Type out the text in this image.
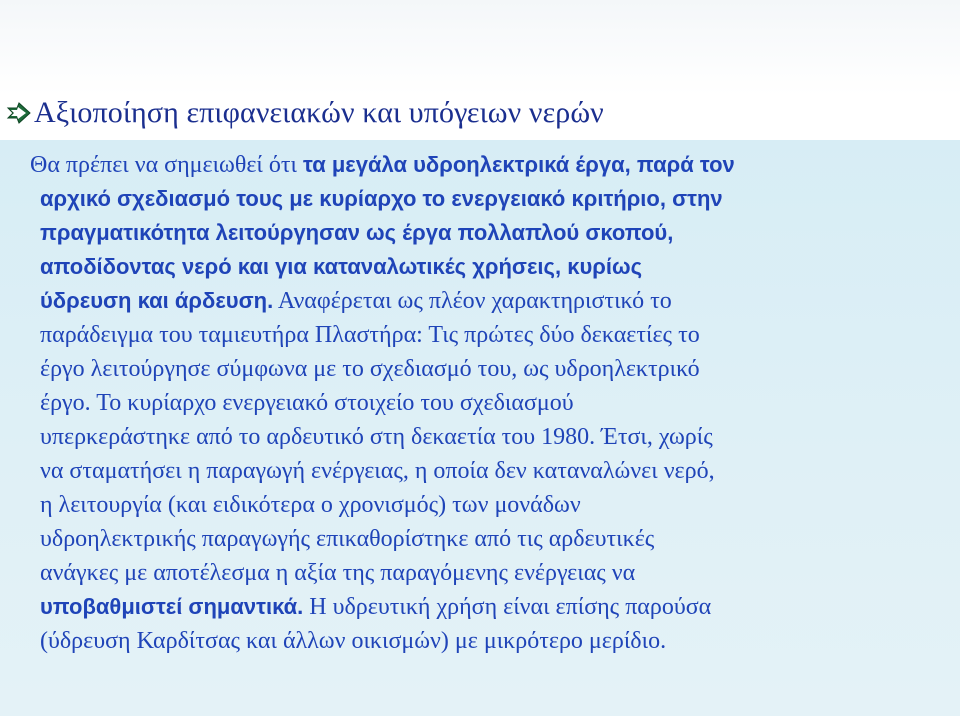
Αξιοποίηση επιφανειακών και υπόγειων νερών

Θα πρέπει να σημειωθεί ότι τα μεγάλα υδροηλεκτρικά έργα, παρά τον
αρχικό σχεδιασμό τους με κυρίαρχο το ενεργειακό κριτήριο, στην
πραγματικότητα λειτούργησαν ως έργα πολλαπλού σκοπού,
αποδίδοντας νερό και για καταναλωτικές χρήσεις, κυρίως
ύδρευση και άρδευση. Αναφέρεται ως πλέον χαρακτηριστικό το
παράδειγμα του ταμιευτήρα Πλαστήρα: Τις πρώτες δύο δεκαετίες το
έργο λειτούργησε σύμφωνα με το σχεδιασμό του, ως υδροηλεκτρικό
έργο. Το κυρίαρχο ενεργειακό στοιχείο του σχεδιασμού
υπερκεράστηκε από το αρδευτικό στη δεκαετία του 1980. Έτσι, χωρίς
να σταματήσει η παραγωγή ενέργειας, η οποία δεν καταναλώνει νερό,
η λειτουργία (και ειδικότερα ο χρονισμός) των μονάδων
υδροηλεκτρικής παραγωγής επικαθορίστηκε από τις αρδευτικές
ανάγκες με αποτέλεσμα η αξία της παραγόμενης ενέργειας να
υποβαθμιστεί σημαντικά. Η υδρευτική χρήση είναι επίσης παρούσα
(ύδρευση Καρδίτσας και άλλων οικισμών) με μικρότερο μερίδιο.
